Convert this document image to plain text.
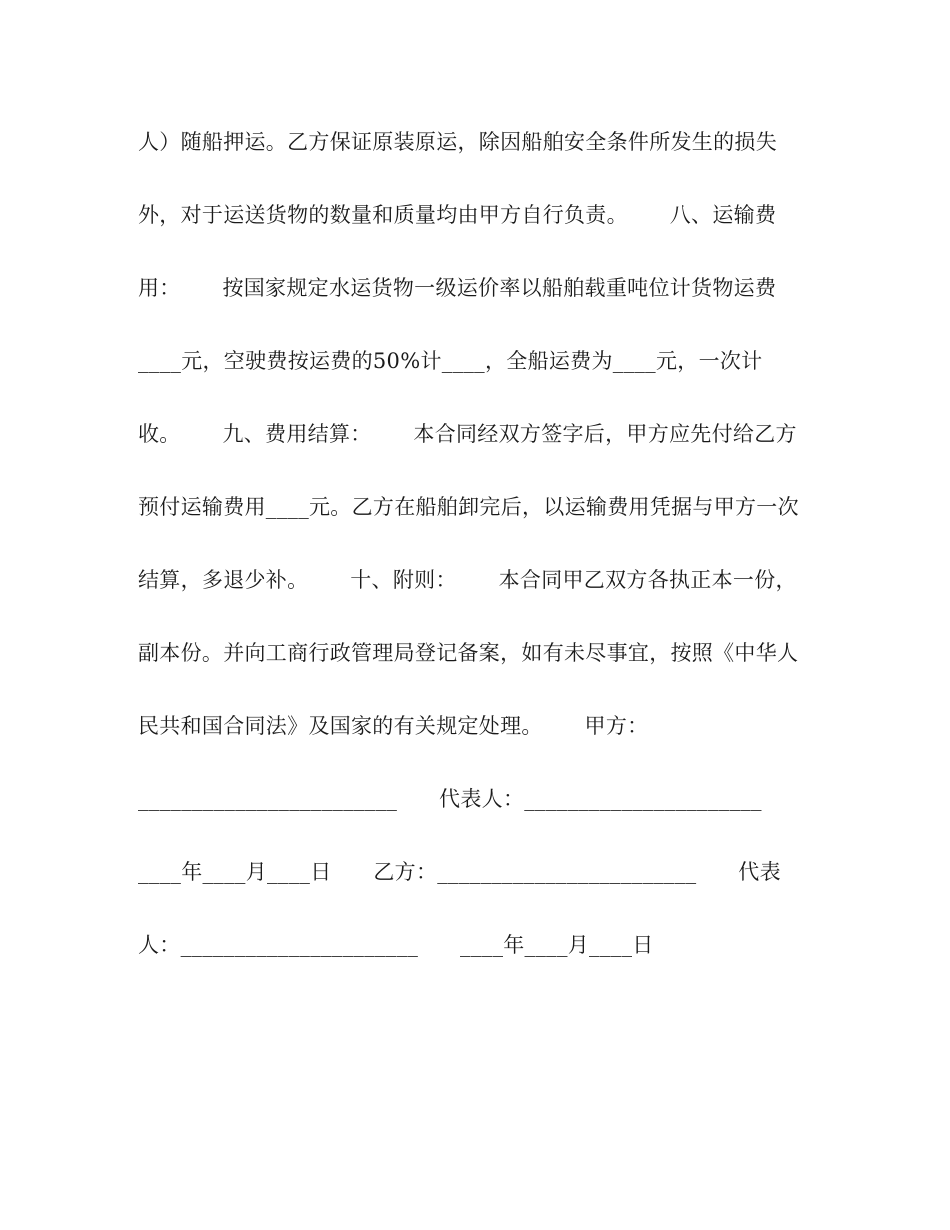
人）随船押运。乙方保证原装原运，除因船舶安全条件所发生的损失
外，对于运送货物的数量和质量均由甲方自行负责。      八、运输费
用：      按国家规定水运货物一级运价率以船舶载重吨位计货物运费
____元，空驶费按运费的50%计____，全船运费为____元，一次计
收。      九、费用结算：      本合同经双方签字后，甲方应先付给乙方
预付运输费用____元。乙方在船舶卸完后，以运输费用凭据与甲方一次
结算，多退少补。      十、附则：      本合同甲乙双方各执正本一份，
副本份。并向工商行政管理局登记备案，如有未尽事宜，按照《中华人
民共和国合同法》及国家的有关规定处理。      甲方：
________________________      代表人：______________________
____年____月____日      乙方：________________________      代表
人：______________________      ____年____月____日
